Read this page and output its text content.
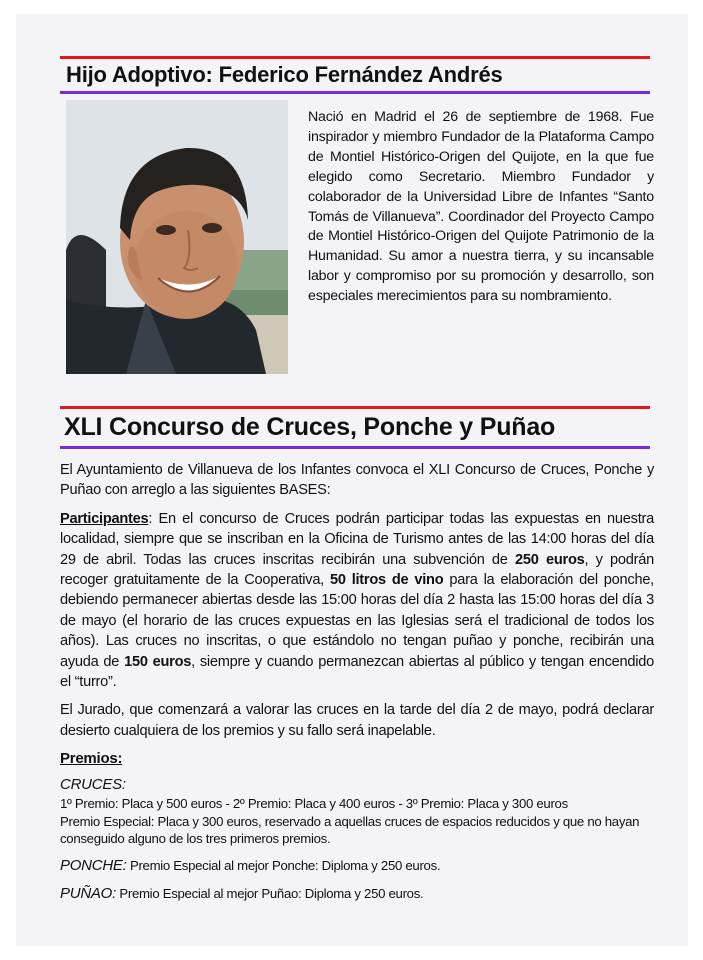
Hijo Adoptivo: Federico Fernández Andrés
Nació en Madrid el 26 de septiembre de 1968. Fue inspirador y miembro Fundador de la Plataforma Campo de Montiel Histórico-Origen del Quijote, en la que fue elegido como Secretario. Miembro Fundador y colaborador de la Universidad Libre de Infantes “Santo Tomás de Villanueva”. Coordinador del Proyecto Campo de Montiel Histórico-Origen del Quijote Patrimonio de la Humanidad. Su amor a nuestra tierra, y su incansable labor y compromiso por su promoción y desarrollo, son especiales merecimientos para su nombramiento.
XLI Concurso de Cruces, Ponche y Puñao

El Ayuntamiento de Villanueva de los Infantes convoca el XLI Concurso de Cruces, Ponche y Puñao con arreglo a las siguientes BASES:

Participantes: En el concurso de Cruces podrán participar todas las expuestas en nuestra localidad, siempre que se inscriban en la Oficina de Turismo antes de las 14:00 horas del día 29 de abril. Todas las cruces inscritas recibirán una subvención de 250 euros, y podrán recoger gratuitamente de la Cooperativa, 50 litros de vino para la elaboración del ponche, debiendo permanecer abiertas desde las 15:00 horas del día 2 hasta las 15:00 horas del día 3 de mayo (el horario de las cruces expuestas en las Iglesias será el tradicional de todos los años). Las cruces no inscritas, o que estándolo no tengan puñao y ponche, recibirán una ayuda de 150 euros, siempre y cuando permanezcan abiertas al público y tengan encendido el “turro”.

El Jurado, que comenzará a valorar las cruces en la tarde del día 2 de mayo, podrá declarar desierto cualquiera de los premios y su fallo será inapelable.

Premios:
CRUCES:
1º Premio: Placa y 500 euros - 2º Premio: Placa y 400 euros - 3º Premio: Placa y 300 euros
Premio Especial: Placa y 300 euros, reservado a aquellas cruces de espacios reducidos y que no hayan conseguido alguno de los tres primeros premios.
PONCHE: Premio Especial al mejor Ponche: Diploma y 250 euros.
PUÑAO: Premio Especial al mejor Puñao: Diploma y 250 euros.
